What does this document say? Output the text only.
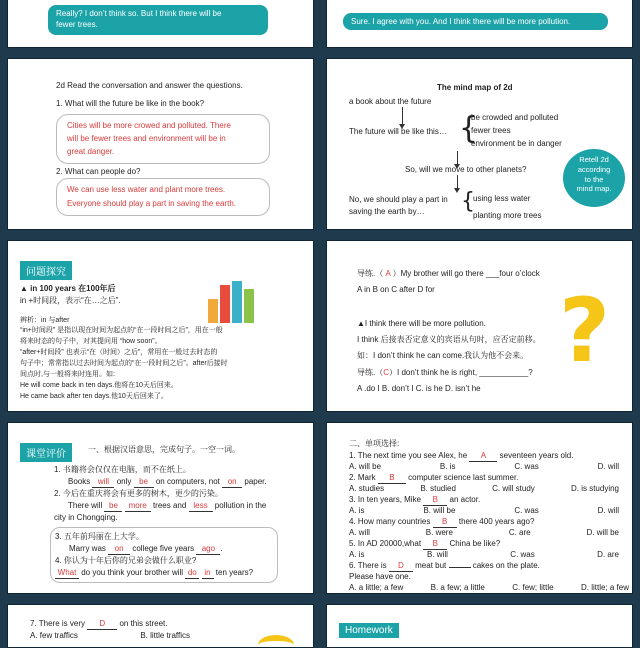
Really? I don’t think so. But I think there will be
fewer trees.	Sure. I agree with you. And I think there will be more pollution.
2d Read the conversation and answer the questions.
1. What will the future be like in the book?
Cities will be more crowed and polluted. There
will be fewer trees and environment will be in
great danger.
2. What can people do?
We can use less water and plant more trees.
Everyone should play a part in saving the earth.
The mind map of 2d
a book about the future
The future will be like this… {
be crowded and polluted
fewer trees
environment be in danger
So, will we move to other planets?
No, we should play a part in
saving the earth by… {
using less water
planting more trees
Retell 2d
according
to the
mind map.
问题探究
▲ in 100 years 在100年后
in +时间段，表示“在…之后”.
辨析：in 与after
“in+时间段” 是指以现在时间为起点的“在一段时间之后”，用在一般
将来时态的句子中，对其提问用 “how soon”。
“after+时间段” 也表示“在（时间）之后”，常用在一般过去时态的
句子中；常常指以过去时间为起点的“在一段时间之后”。after后接时
间点时,与一般将来时连用。如:
He will come back in ten days.他将在10天后回来。
He came back after ten days.他10天后回来了。
导练.（ A ）My brother will go there ___four o’clock
A in B on C after D for
▲I think there will be more pollution.
I think 后接表否定意义的宾语从句时，应否定前移。
如：I don’t think he can come.我认为他不会来。
导练.（C）I don’t think he is right, ___________?
A .do I B. don’t I C. is he D. isn’t he
?
课堂评价	一、根据汉语意思，完成句子。一空一词。
1. 书籍将会仅仅在电脑，而不在纸上。
Books will only be on computers, not on paper.
2. 今后在重庆将会有更多的树木，更少的污染。
There will be more trees and less pollution in the
city in Chongqing.
3. 五年前玛丽在上大学。
Marry was on college five years ago .
4. 你认为十年后你的兄弟会做什么职业?
What do you think your brother will do in ten years?
二、单项选择:
1. The next time you see Alex, he A seventeen years old.
A. will be	B. is	C. was	D. will
2. Mark B computer science last summer.
A. studies	B. studied	C. will study	D. is studying
3. In ten years, Mike B an actor.
A. is	B. will be	C. was	D. will
4. How many countries B there 400 years ago?
A. will	B. were	C. are	D. will be
5. In AD 20000,what B China be like?
A. is	B. will	C. was	D. are
6. There is D meat but	cakes on the plate.
Please have one.
A. a little; a few	B. a few; a little	C. few; little	D. little; a few
7. There is very D on this street.
A. few traffics	B. little traffics	Homework
